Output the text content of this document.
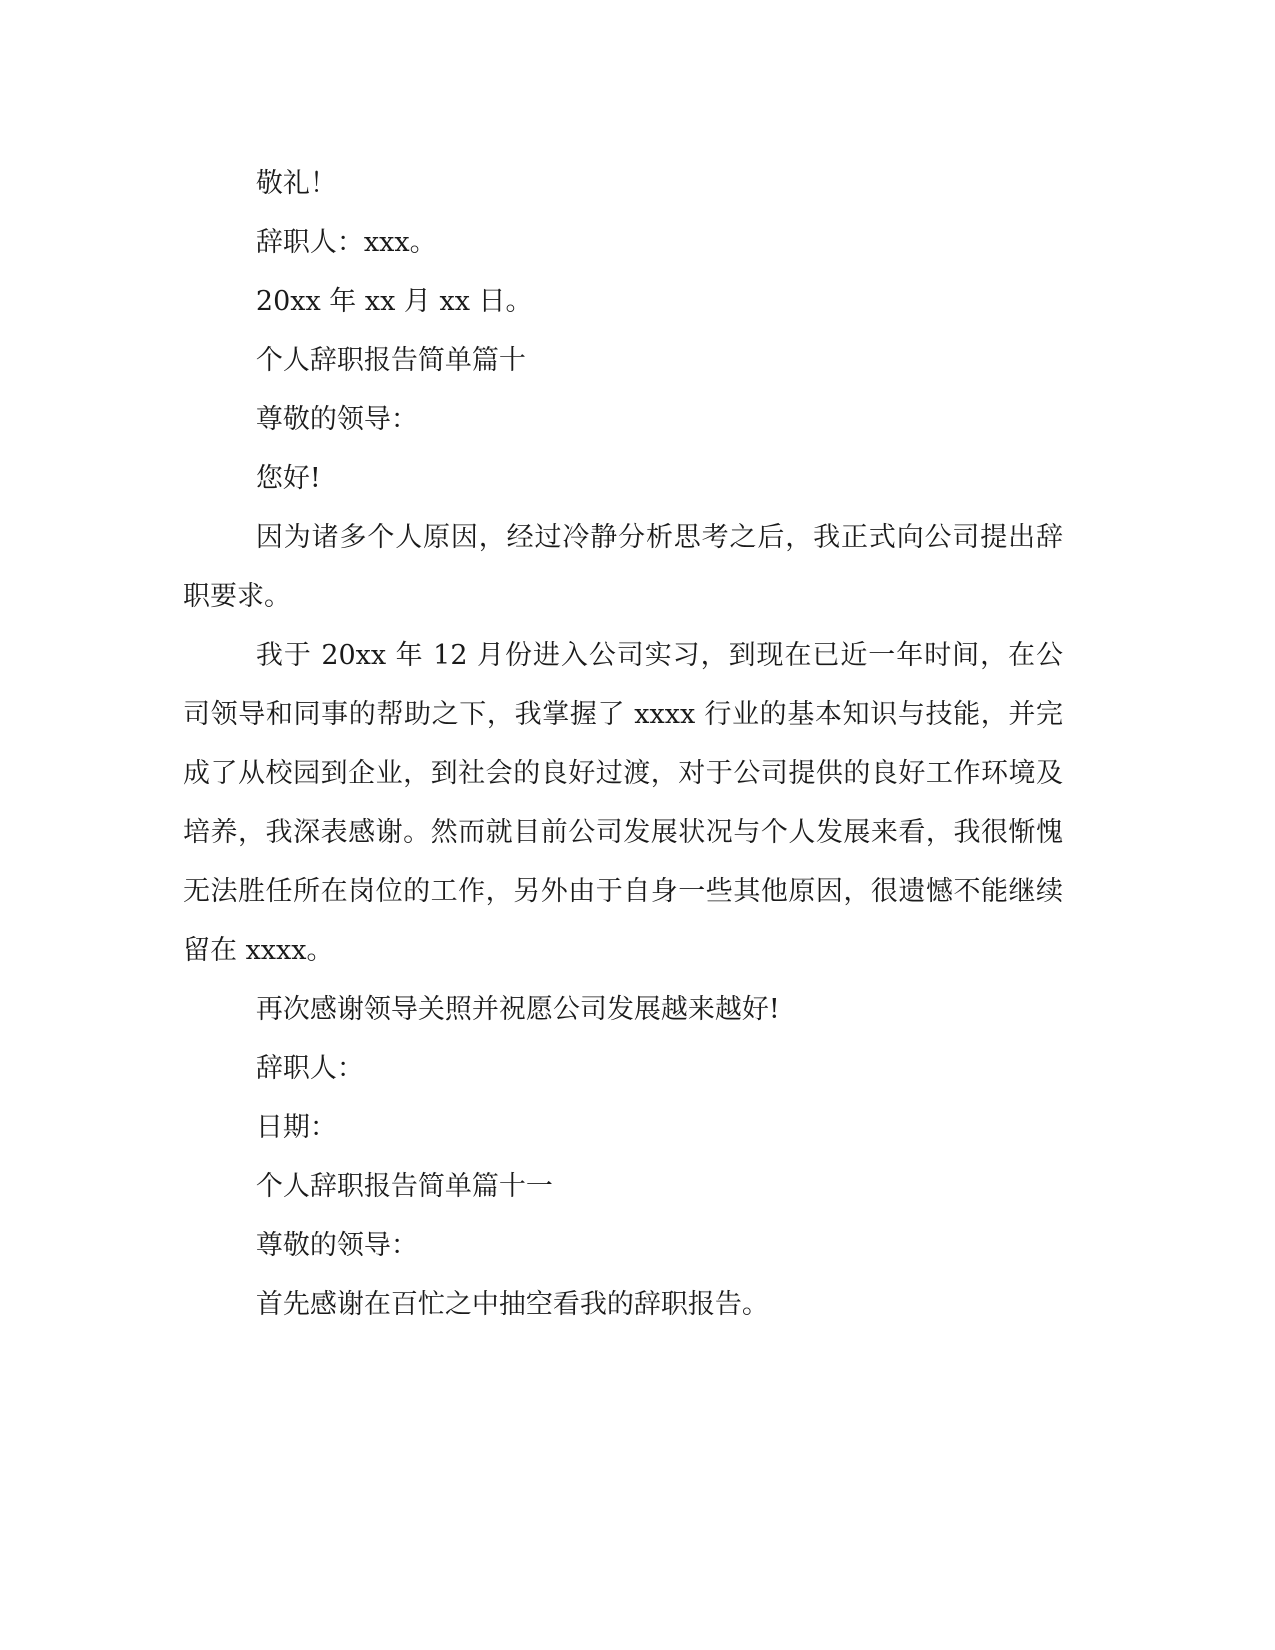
敬礼！

辞职人：xxx。

20xx 年 xx 月 xx 日。

个人辞职报告简单篇十

尊敬的领导：

您好!

因为诸多个人原因，经过冷静分析思考之后，我正式向公司提出辞职要求。

我于 20xx 年 12 月份进入公司实习，到现在已近一年时间，在公司领导和同事的帮助之下，我掌握了 xxxx 行业的基本知识与技能，并完成了从校园到企业，到社会的良好过渡，对于公司提供的良好工作环境及培养，我深表感谢。然而就目前公司发展状况与个人发展来看，我很惭愧无法胜任所在岗位的工作，另外由于自身一些其他原因，很遗憾不能继续留在 xxxx。

再次感谢领导关照并祝愿公司发展越来越好!

辞职人：

日期：

个人辞职报告简单篇十一

尊敬的领导：

首先感谢在百忙之中抽空看我的辞职报告。
